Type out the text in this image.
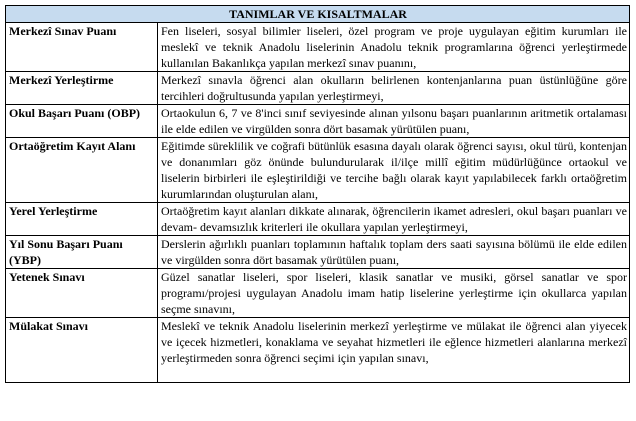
TANIMLAR VE KISALTMALAR	
Merkezî Sınav Puanı	Fen liseleri, sosyal bilimler liseleri, özel program ve proje uygulayan eğitim kurumları ile meslekî ve teknik Anadolu liselerinin Anadolu teknik programlarına öğrenci yerleştirmede kullanılan Bakanlıkça yapılan merkezî sınav puanını,
Merkezî Yerleştirme	Merkezî sınavla öğrenci alan okulların belirlenen kontenjanlarına puan üstünlüğüne göre tercihleri doğrultusunda yapılan yerleştirmeyi,
Okul Başarı Puanı (OBP)	Ortaokulun 6, 7 ve 8'inci sınıf seviyesinde alınan yılsonu başarı puanlarının aritmetik ortalaması ile elde edilen ve virgülden sonra dört basamak yürütülen puanı,
Ortaöğretim Kayıt Alanı	Eğitimde süreklilik ve coğrafi bütünlük esasına dayalı olarak öğrenci sayısı, okul türü, kontenjan ve donanımları göz önünde bulundurularak il/ilçe millî eğitim müdürlüğünce ortaokul ve liselerin birbirleri ile eşleştirildiği ve tercihe bağlı olarak kayıt yapılabilecek farklı ortaöğretim kurumlarından oluşturulan alanı,
Yerel Yerleştirme	Ortaöğretim kayıt alanları dikkate alınarak, öğrencilerin ikamet adresleri, okul başarı puanları ve devam- devamsızlık kriterleri ile okullara yapılan yerleştirmeyi,
Yıl Sonu Başarı Puanı (YBP)	Derslerin ağırlıklı puanları toplamının haftalık toplam ders saati sayısına bölümü ile elde edilen ve virgülden sonra dört basamak yürütülen puanı,
Yetenek Sınavı	Güzel sanatlar liseleri, spor liseleri, klasik sanatlar ve musiki, görsel sanatlar ve spor programı/projesi uygulayan Anadolu imam hatip liselerine yerleştirme için okullarca yapılan seçme sınavını,
Mülakat Sınavı	Meslekî ve teknik Anadolu liselerinin merkezî yerleştirme ve mülakat ile öğrenci alan yiyecek ve içecek hizmetleri, konaklama ve seyahat hizmetleri ile eğlence hizmetleri alanlarına merkezî yerleştirmeden sonra öğrenci seçimi için yapılan sınavı,
